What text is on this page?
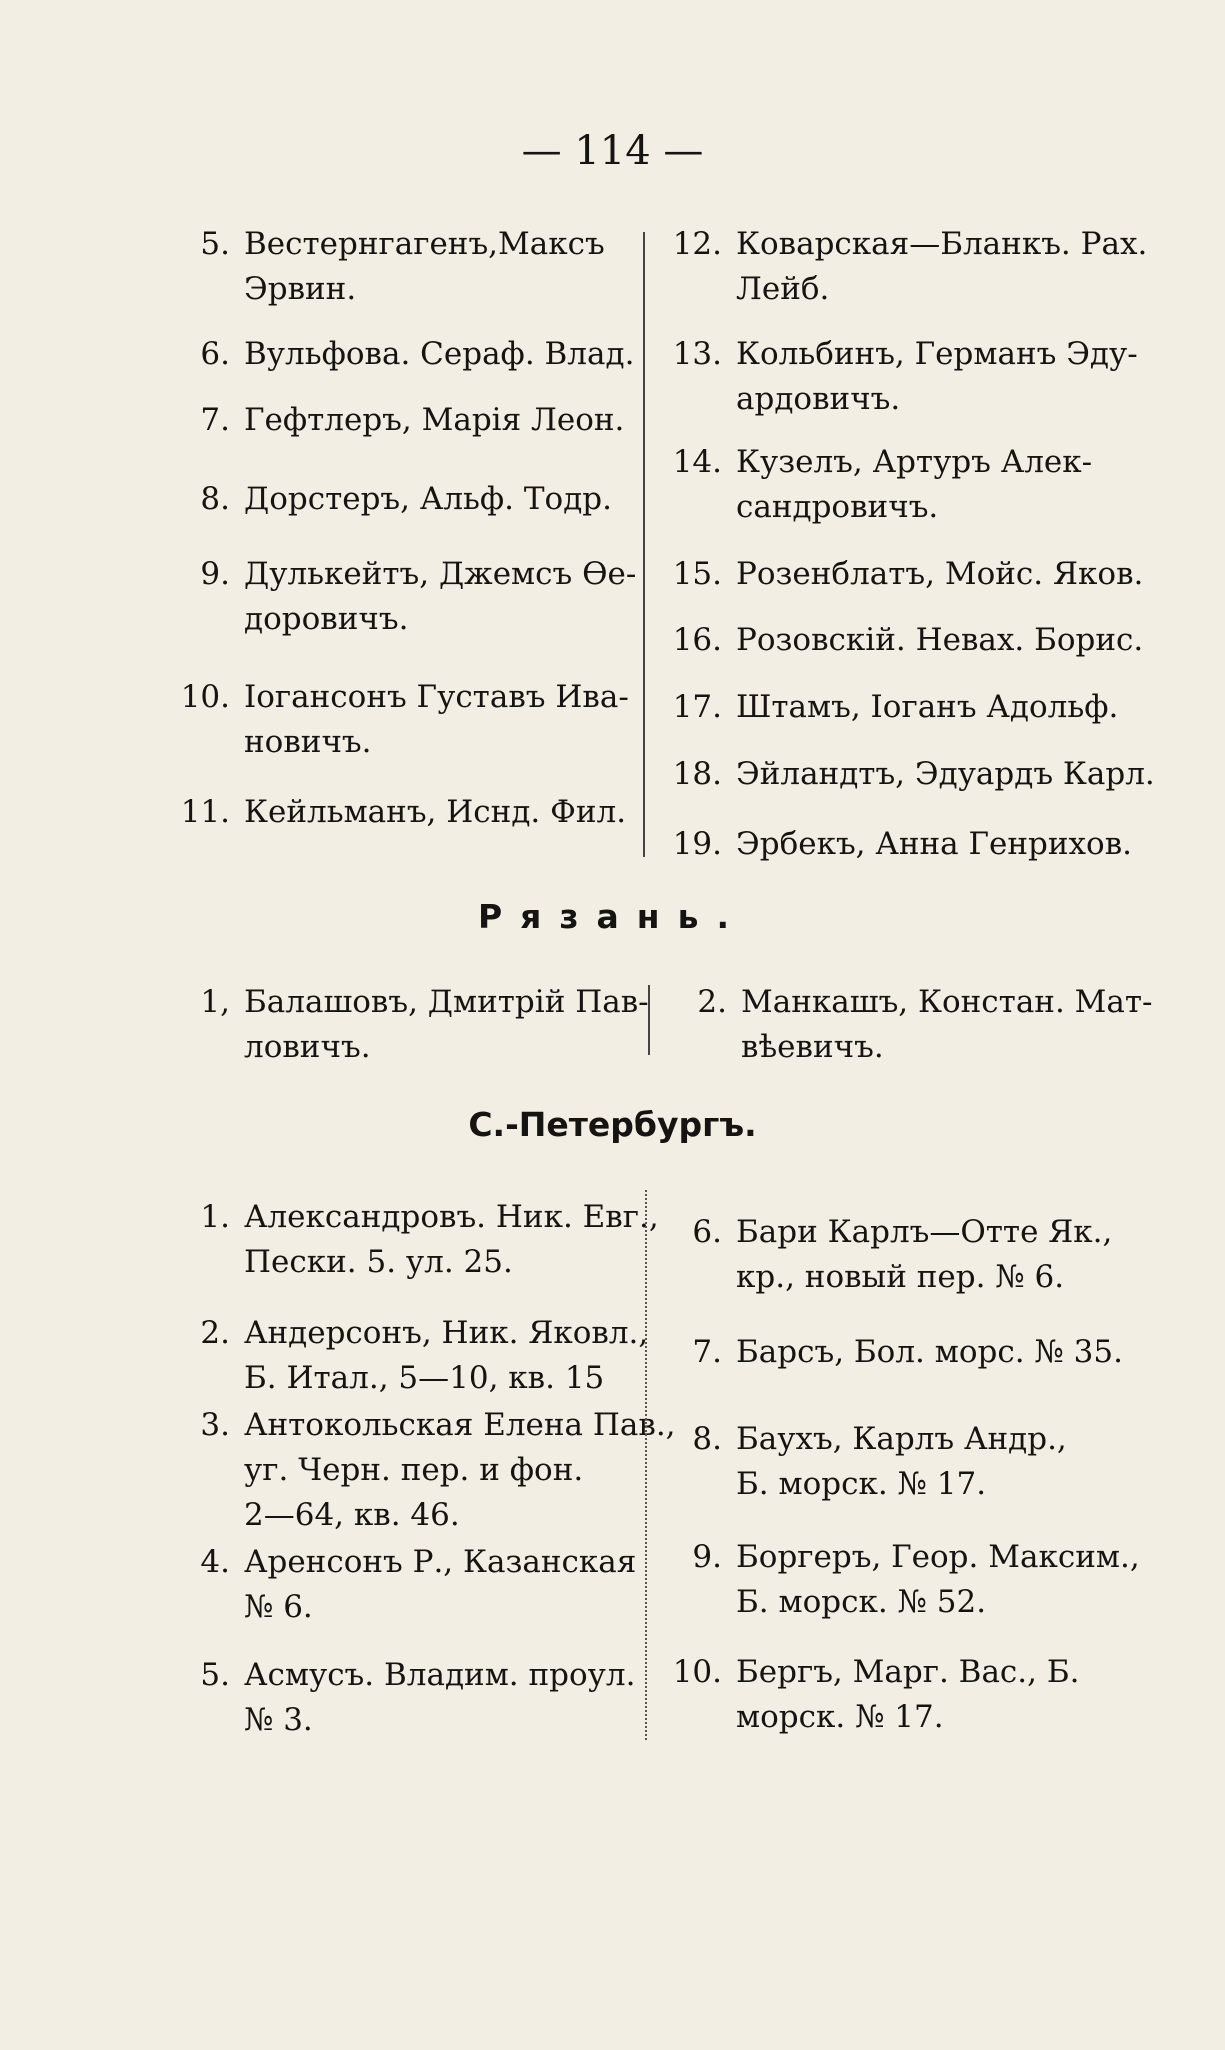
— 114 —
5. Вестернгагенъ, Максъ
Эрвин.
6. Вульфова. Сераф. Влад.
7. Гефтлеръ, Марiя Леон.
8. Дорстеръ, Альф. Тодр.
9. Дулькейтъ, Джемсъ Ѳе-
доровичъ.
10. Iогансонъ Густавъ Ива-
новичъ.
11. Кейльманъ, Иснд. Фил.
12. Коварская—Бланкъ. Рах.
Лейб.
13. Кольбинъ, Германъ Эду-
ардовичъ.
14. Кузелъ, Артуръ Алек-
сандровичъ.
15. Розенблатъ, Мойс. Яков.
16. Розовскiй. Невах. Борис.
17. Штамъ, Iоганъ Адольф.
18. Эйландтъ, Эдуардъ Карл.
19. Эрбекъ, Анна Генрихов.
Рязань.
1, Балашовъ, Дмитрiй Пав-
ловичъ.
2. Манкашъ, Констан. Мат-
вѣевичъ.
С.-Петербургъ.
1. Александровъ. Ник. Евг.,
Пески. 5. ул. 25.
2. Андерсонъ, Ник. Яковл.,
Б. Итал., 5—10, кв. 15
3. Антокольская Елена Пав.,
уг. Черн. пер. и фон.
2—64, кв. 46.
4. Аренсонъ Р., Казанская
№ 6.
5. Асмусъ. Владим. проул.
№ 3.
6. Бари Карлъ—Отте Як.,
кр., новый пер. № 6.
7. Барсъ, Бол. морс. № 35.
8. Баухъ, Карлъ Андр.,
Б. морск. № 17.
9. Боргеръ, Геор. Максим.,
Б. морск. № 52.
10. Бергъ, Марг. Вас., Б.
морск. № 17.
